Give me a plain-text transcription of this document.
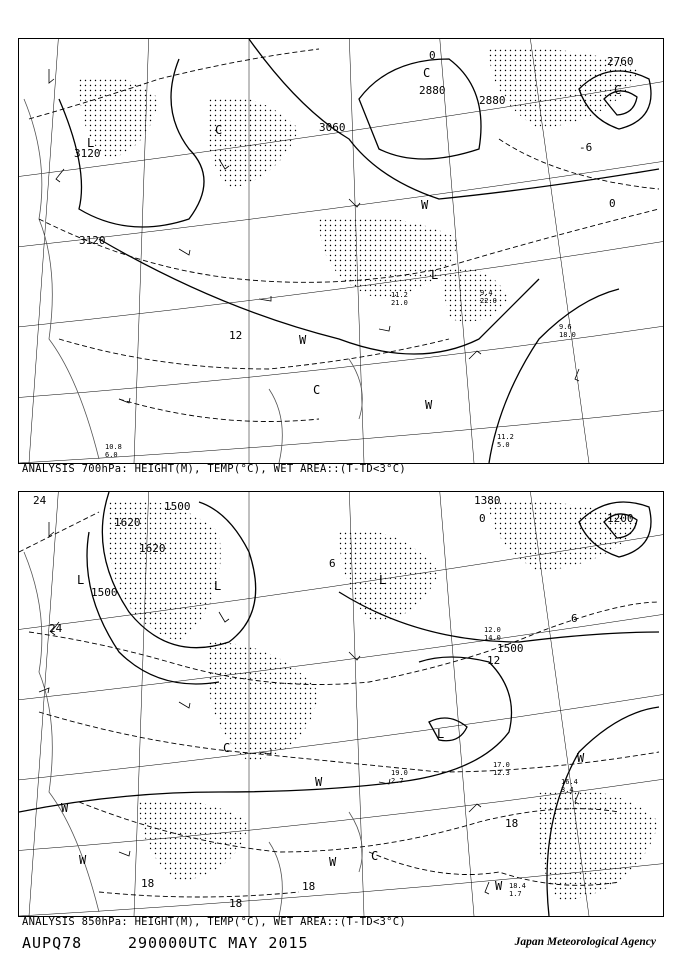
3120
3120
3060
2880
2880
2760
-6
0
0
12
L
C
C
C
L
C
W
W
W
9.4
22.0
9.6
18.0
11.2
5.0
11.2
21.0
10.8
6.0
ANALYSIS 700hPa: HEIGHT(M), TEMP(°C), WET AREA::(T-TD<3°C)
1500
1500
1620
1620
1380
1500
1200
24
24
0
6
12
18
18
18
18
6
L	L	L
L
W
W
W
W	C
C
W
W
17.0
12.3
16.4
3.4
18.4
1.7
19.0
2.7
12.0
14.0
ANALYSIS 850hPa: HEIGHT(M), TEMP(°C), WET AREA::(T-TD<3°C)
AUPQ78	290000UTC MAY 2015	Japan Meteorological Agency
